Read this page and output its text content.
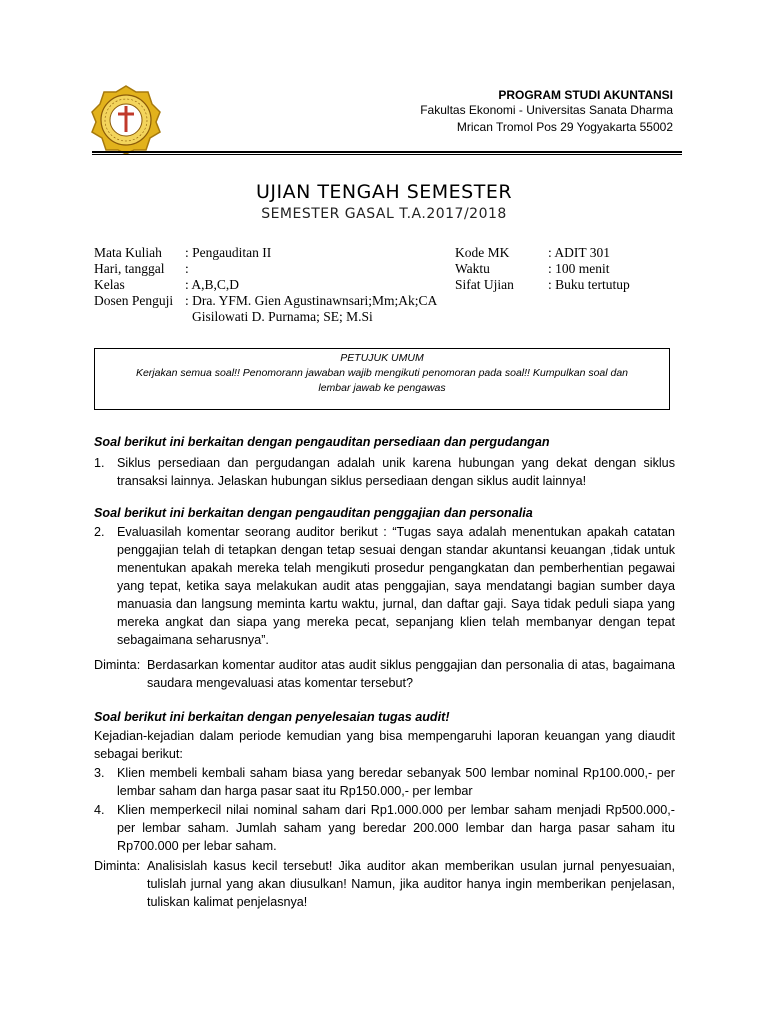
PROGRAM STUDI AKUNTANSI
Fakultas Ekonomi - Universitas Sanata Dharma
Mrican Tromol Pos 29 Yogyakarta 55002
UJIAN TENGAH SEMESTER
SEMESTER GASAL T.A.2017/2018
Mata Kuliah : Pengauditan II	Kode MK	: ADIT 301
Hari, tanggal :	Waktu	: 100 menit
Kelas	: A,B,C,D	Sifat Ujian	: Buku tertutup
Dosen Penguji : Dra. YFM. Gien Agustinawnsari;Mm;Ak;CA
Gisilowati D. Purnama; SE; M.Si
PETUJUK UMUM
Kerjakan semua soal!! Penomorann jawaban wajib mengikuti penomoran pada soal!! Kumpulkan soal dan
lembar jawab ke pengawas
Soal berikut ini berkaitan dengan pengauditan persediaan dan pergudangan
1. Siklus persediaan dan pergudangan adalah unik karena hubungan yang dekat dengan siklus transaksi lainnya. Jelaskan hubungan siklus persediaan dengan siklus audit lainnya!
Soal berikut ini berkaitan dengan pengauditan penggajian dan personalia
2. Evaluasilah komentar seorang auditor berikut : “Tugas saya adalah menentukan apakah catatan penggajian telah di tetapkan dengan tetap sesuai dengan standar akuntansi keuangan ,tidak untuk menentukan apakah mereka telah mengikuti prosedur pengangkatan dan pemberhentian pegawai yang tepat, ketika saya melakukan audit atas penggajian, saya mendatangi bagian sumber daya manuasia dan langsung meminta kartu waktu, jurnal, dan daftar gaji. Saya tidak peduli siapa yang mereka angkat dan siapa yang mereka pecat, sepanjang klien telah membanyar dengan tepat sebagaimana seharusnya”.
Diminta: Berdasarkan komentar auditor atas audit siklus penggajian dan personalia di atas, bagaimana saudara mengevaluasi atas komentar tersebut?
Soal berikut ini berkaitan dengan penyelesaian tugas audit!
Kejadian-kejadian dalam periode kemudian yang bisa mempengaruhi laporan keuangan yang diaudit sebagai berikut:
3. Klien membeli kembali saham biasa yang beredar sebanyak 500 lembar nominal Rp100.000,- per lembar saham dan harga pasar saat itu Rp150.000,- per lembar
4. Klien memperkecil nilai nominal saham dari Rp1.000.000 per lembar saham menjadi Rp500.000,- per lembar saham. Jumlah saham yang beredar 200.000 lembar dan harga pasar saham itu Rp700.000 per lebar saham.
Diminta: Analisislah kasus kecil tersebut! Jika auditor akan memberikan usulan jurnal penyesuaian, tulislah jurnal yang akan diusulkan! Namun, jika auditor hanya ingin memberikan penjelasan, tuliskan kalimat penjelasnya!
